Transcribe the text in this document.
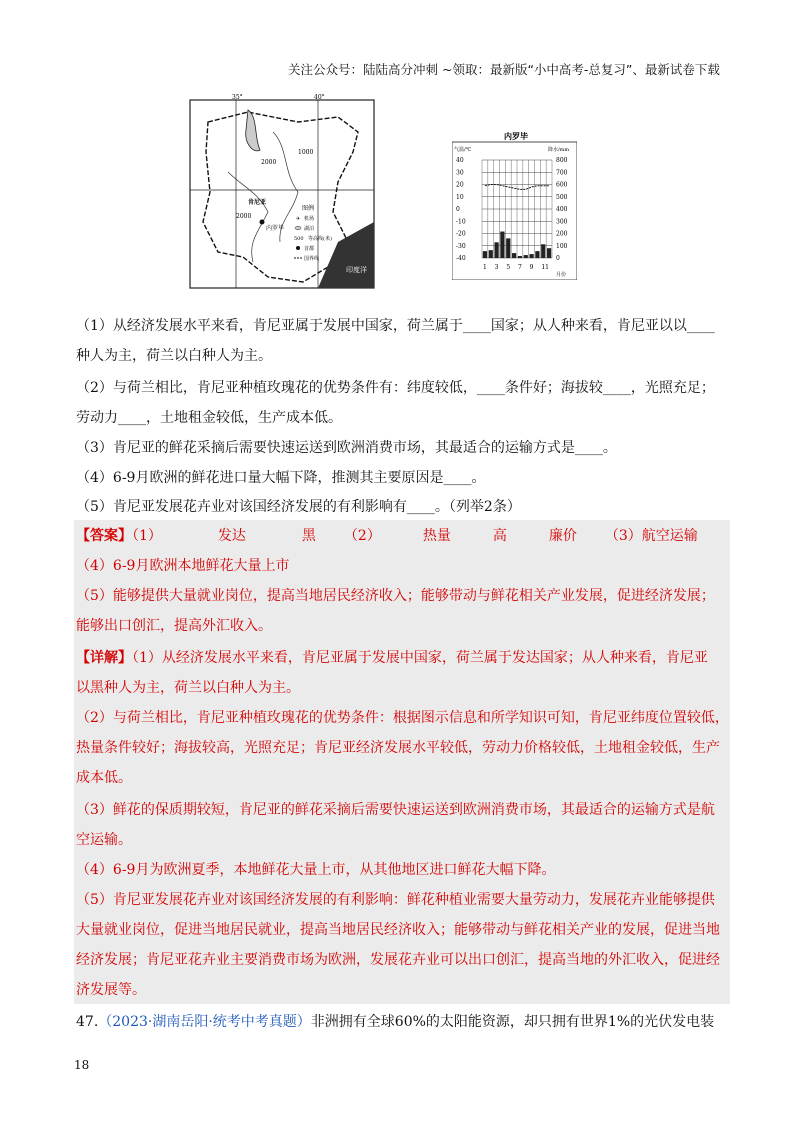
关注公众号：陆陆高分冲刺 ~领取：最新版“小中高考-总复习”、最新试卷下载
35°	40°
2000
1000
2000
肯尼亚
内罗毕
印度洋
图例
✈ 机场
湖泊
500 等高线(米)
首都
国界线
内罗毕
气温/℃	降水/mm
40	800
30	700
20	600
10	500
0	400
-10	300
-20	200
-30	100
-40	0
1 3 5 7 9 11
月份
（1）从经济发展水平来看，肯尼亚属于发展中国家，荷兰属于____国家；从人种来看，肯尼亚以以____
种人为主，荷兰以白种人为主。
（2）与荷兰相比，肯尼亚种植玫瑰花的优势条件有：纬度较低，____条件好；海拔较____，光照充足；
劳动力____，土地租金较低，生产成本低。
（3）肯尼亚的鲜花采摘后需要快速运送到欧洲消费市场，其最适合的运输方式是____。
（4）6-9月欧洲的鲜花进口量大幅下降，推测其主要原因是____。
（5）肯尼亚发展花卉业对该国经济发展的有利影响有____。（列举2条）
【答案】（1）	发达	黑 （2）	热量	高	廉价 （3）航空运输
（4）6-9月欧洲本地鲜花大量上市
（5）能够提供大量就业岗位，提高当地居民经济收入；能够带动与鲜花相关产业发展，促进经济发展；
能够出口创汇，提高外汇收入。
【详解】（1）从经济发展水平来看，肯尼亚属于发展中国家，荷兰属于发达国家；从人种来看，肯尼亚
以黑种人为主，荷兰以白种人为主。
（2）与荷兰相比，肯尼亚种植玫瑰花的优势条件：根据图示信息和所学知识可知，肯尼亚纬度位置较低，
热量条件较好；海拔较高，光照充足；肯尼亚经济发展水平较低，劳动力价格较低，土地租金较低，生产
成本低。
（3）鲜花的保质期较短，肯尼亚的鲜花采摘后需要快速运送到欧洲消费市场，其最适合的运输方式是航
空运输。
（4）6-9月为欧洲夏季，本地鲜花大量上市，从其他地区进口鲜花大幅下降。
（5）肯尼亚发展花卉业对该国经济发展的有利影响：鲜花种植业需要大量劳动力，发展花卉业能够提供
大量就业岗位，促进当地居民就业，提高当地居民经济收入；能够带动与鲜花相关产业的发展，促进当地
经济发展；肯尼亚花卉业主要消费市场为欧洲，发展花卉业可以出口创汇，提高当地的外汇收入，促进经
济发展等。
47.（2023·湖南岳阳·统考中考真题）非洲拥有全球60%的太阳能资源，却只拥有世界1%的光伏发电装
18
